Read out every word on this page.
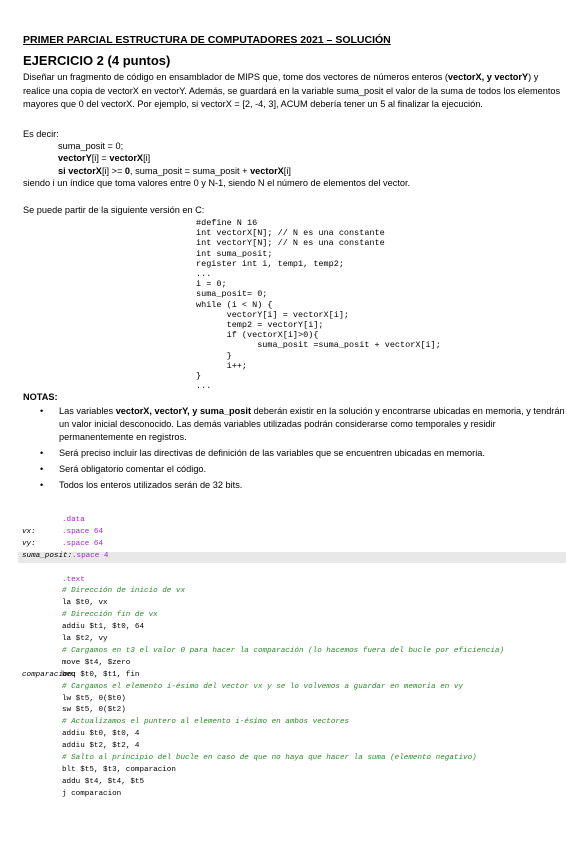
PRIMER PARCIAL ESTRUCTURA DE COMPUTADORES 2021 – SOLUCIÓN
EJERCICIO 2 (4 puntos)
Diseñar un fragmento de código en ensamblador de MIPS que, tome dos vectores de números enteros (vectorX, y vectorY) y realice una copia de vectorX en vectorY. Además, se guardará en la variable suma_posit el valor de la suma de todos los elementos mayores que 0 del vectorX. Por ejemplo, si vectorX = [2, -4, 3], ACUM debería tener un 5 al finalizar la ejecución.
Es decir:
suma_posit = 0;
vectorY[i] = vectorX[i]
si vectorX[i] >= 0, suma_posit = suma_posit + vectorX[i]
siendo i un índice que toma valores entre 0 y N-1, siendo N el número de elementos del vector.
Se puede partir de la siguiente versión en C:
#define N 16
int vectorX[N]; // N es una constante
int vectorY[N]; // N es una constante
int suma_posit;
register int i, temp1, temp2;
...
i = 0;
suma_posit= 0;
while (i < N) {
vectorY[i] = vectorX[i];
temp2 = vectorY[i];
if (vectorX[i]>0){
suma_posit =suma_posit + vectorX[i];
}
i++;
}
...
NOTAS:
• Las variables vectorX, vectorY, y suma_posit deberán existir en la solución y encontrarse ubicadas en memoria, y tendrán un valor inicial desconocido. Las demás variables utilizadas podrán considerarse como temporales y residir permanentemente en registros.
• Será preciso incluir las directivas de definición de las variables que se encuentren ubicadas en memoria.
• Será obligatorio comentar el código.
• Todos los enteros utilizados serán de 32 bits.
.data
vx:	.space 64
vy:	.space 64
suma_posit: .space 4
.text
# Dirección de inicio de vx
la $t0, vx
# Dirección fin de vx
addiu $t1, $t0, 64
la $t2, vy
# Cargamos en t3 el valor 0 para hacer la comparación (lo hacemos fuera del bucle por eficiencia)
move $t4, $zero
comparacion:
beq $t0, $t1, fin
# Cargamos el elemento i-ésimo del vector vx y se lo volvemos a guardar en memoria en vy
lw $t5, 0($t0)
sw $t5, 0($t2)
# Actualizamos el puntero al elemento i-ésimo en ambos vectores
addiu $t0, $t0, 4
addiu $t2, $t2, 4
# Salto al principio del bucle en caso de que no haya que hacer la suma (elemento negativo)
blt $t5, $t3, comparacion
addu $t4, $t4, $t5
j comparacion
